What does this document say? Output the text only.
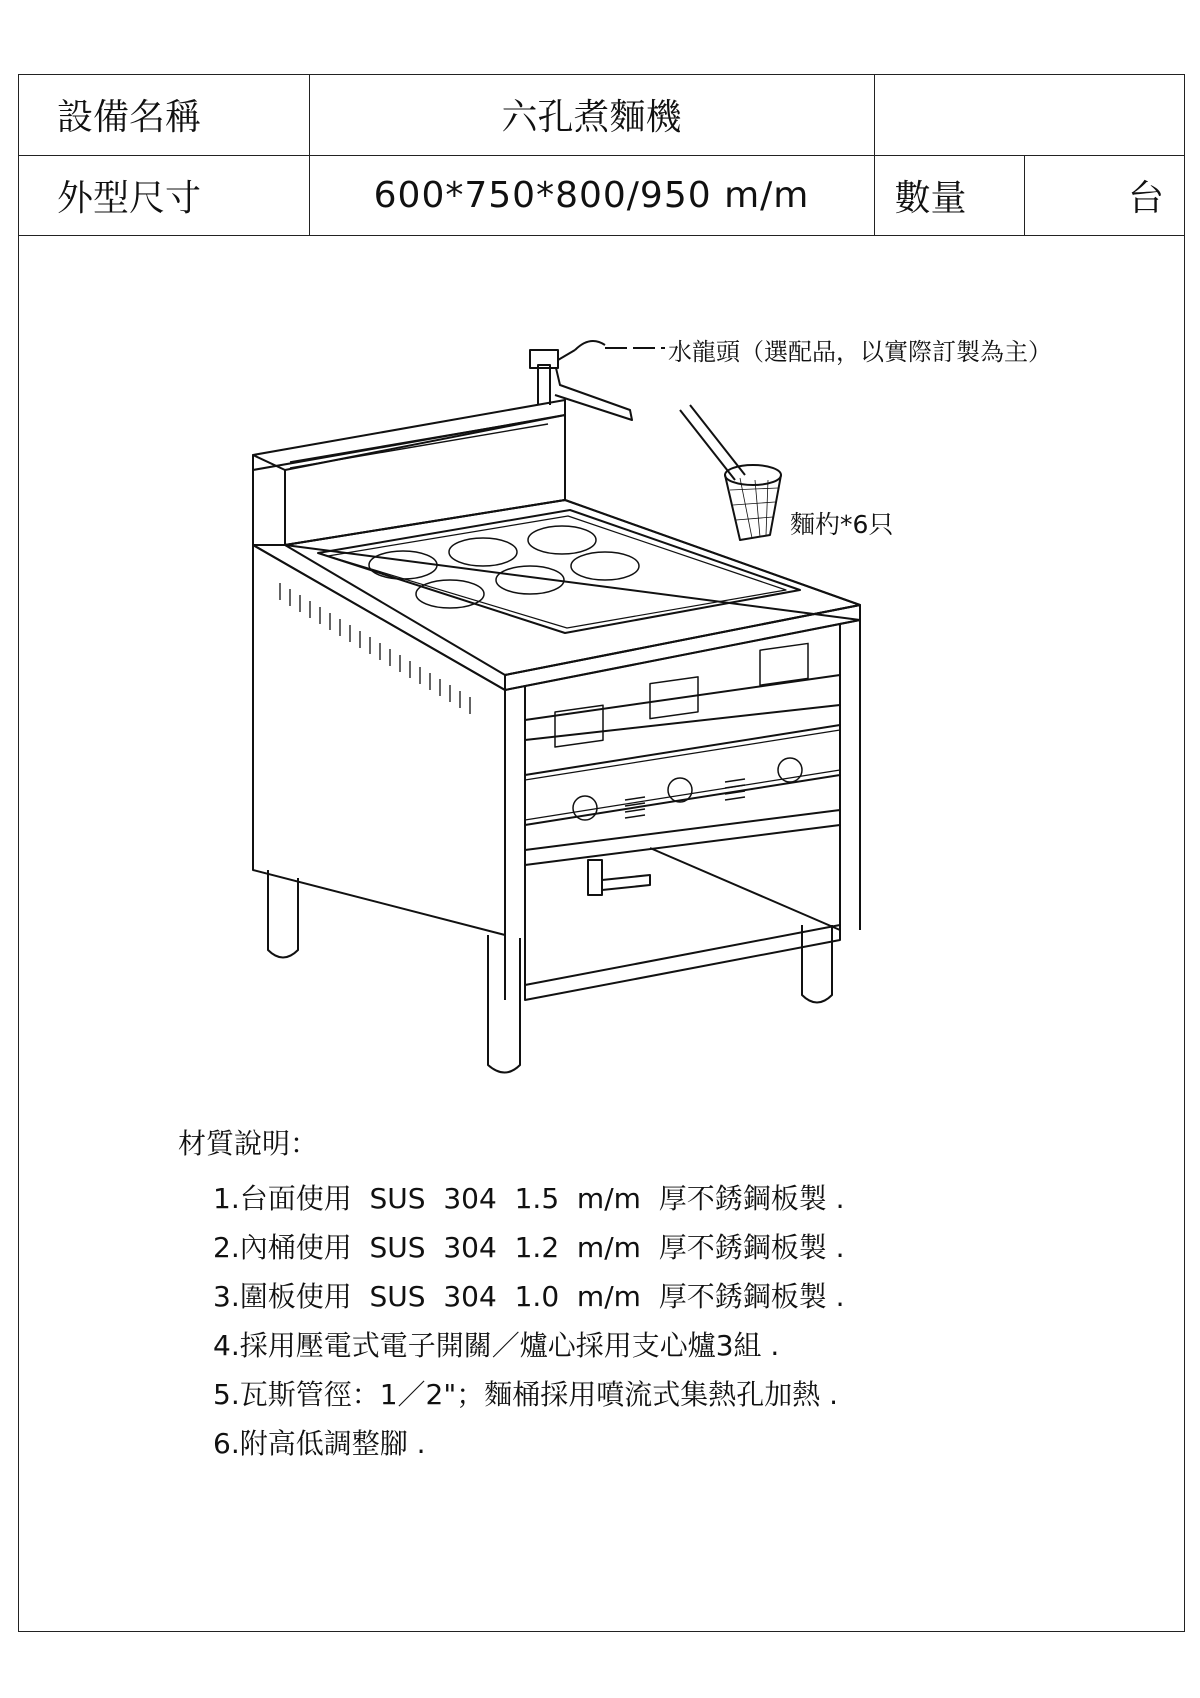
設備名稱	六孔煮麵機		
外型尺寸	600*750*800/950 m/m	數量	台
水龍頭（選配品，以實際訂製為主）
麵杓*6只
材質說明：
1.台面使用  SUS  304  1.5  m/m  厚不銹鋼板製 .
2.內桶使用  SUS  304  1.2  m/m  厚不銹鋼板製 .
3.圍板使用  SUS  304  1.0  m/m  厚不銹鋼板製 .
4.採用壓電式電子開關／爐心採用支心爐3組 .
5.瓦斯管徑：1／2"；麵桶採用噴流式集熱孔加熱 .
6.附高低調整腳 .
